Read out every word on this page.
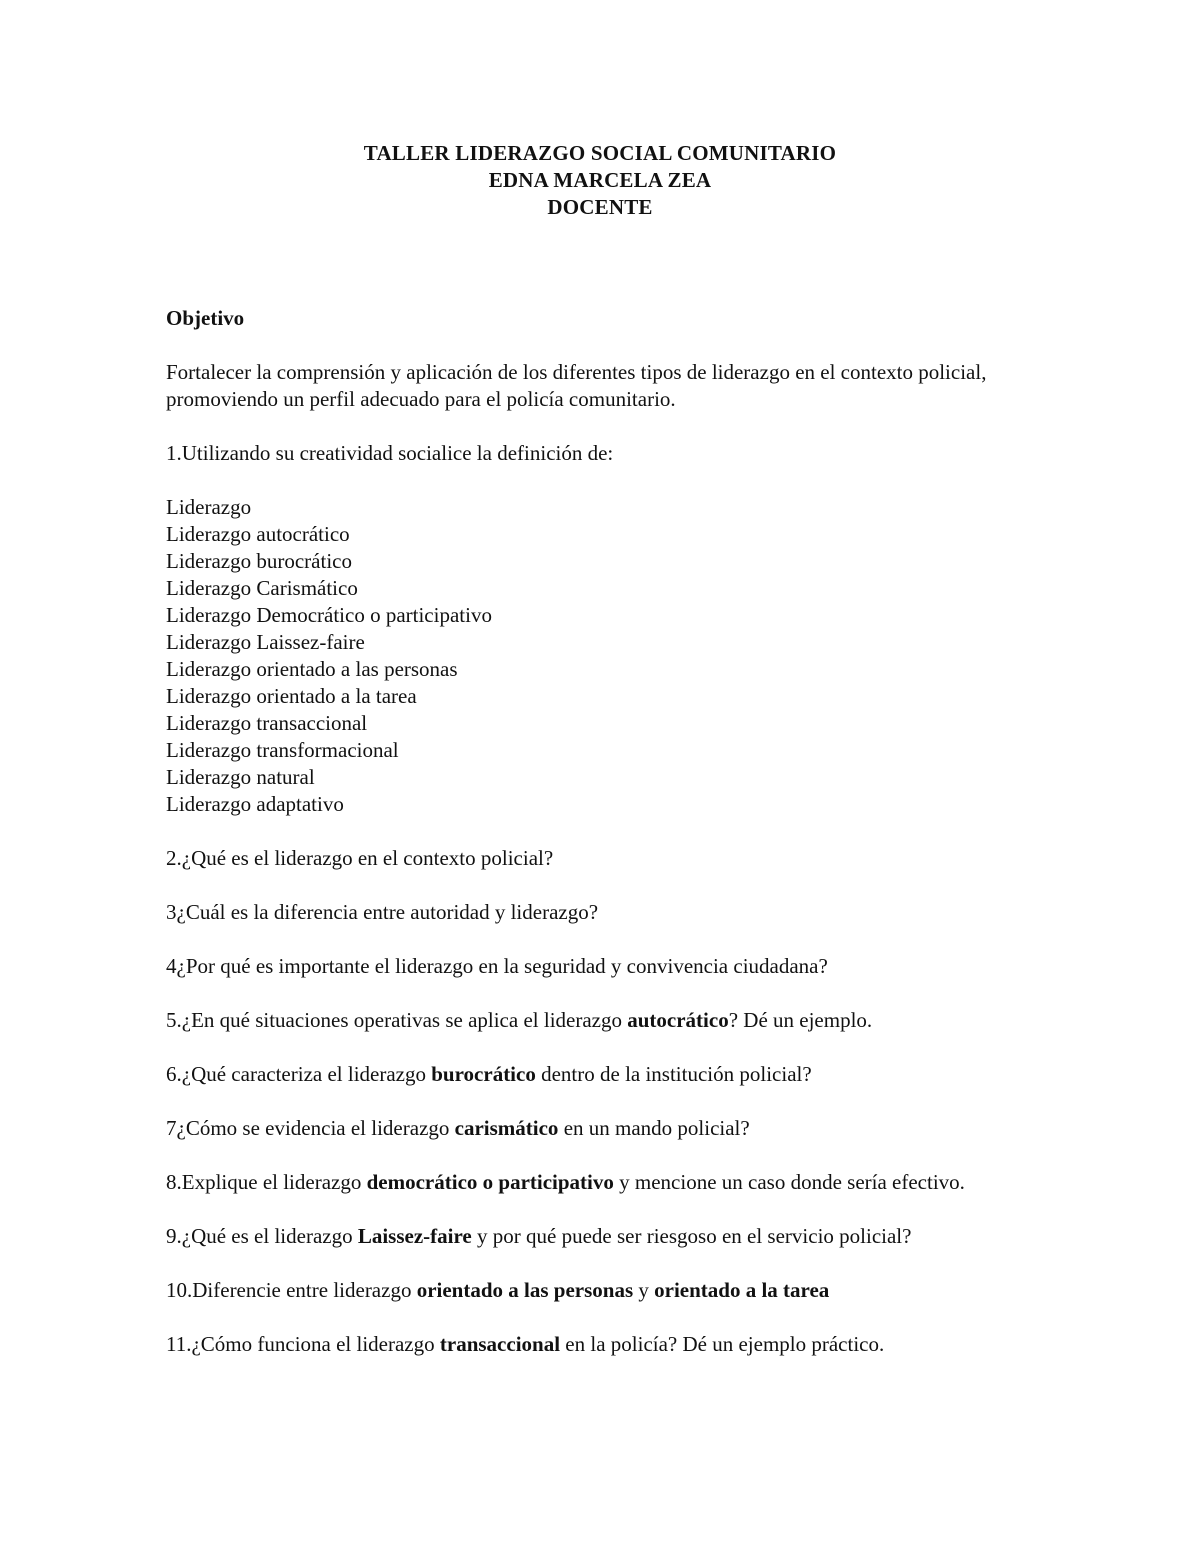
TALLER LIDERAZGO SOCIAL COMUNITARIO
EDNA MARCELA ZEA
DOCENTE
Objetivo
Fortalecer la comprensión y aplicación de los diferentes tipos de liderazgo en el contexto policial, promoviendo un perfil adecuado para el policía comunitario.
1.Utilizando su creatividad socialice la definición de:
Liderazgo
Liderazgo autocrático
Liderazgo burocrático
Liderazgo Carismático
Liderazgo Democrático o participativo
Liderazgo Laissez-faire
Liderazgo orientado a las personas
Liderazgo orientado a la tarea
Liderazgo transaccional
Liderazgo transformacional
Liderazgo natural
Liderazgo adaptativo

2.¿Qué es el liderazgo en el contexto policial?

3¿Cuál es la diferencia entre autoridad y liderazgo?

4¿Por qué es importante el liderazgo en la seguridad y convivencia ciudadana?

5.¿En qué situaciones operativas se aplica el liderazgo autocrático? Dé un ejemplo.

6.¿Qué caracteriza el liderazgo burocrático dentro de la institución policial?

7¿Cómo se evidencia el liderazgo carismático en un mando policial?

8.Explique el liderazgo democrático o participativo y mencione un caso donde sería efectivo.

9.¿Qué es el liderazgo Laissez-faire y por qué puede ser riesgoso en el servicio policial?

10.Diferencie entre liderazgo orientado a las personas y orientado a la tarea

11.¿Cómo funciona el liderazgo transaccional en la policía? Dé un ejemplo práctico.
